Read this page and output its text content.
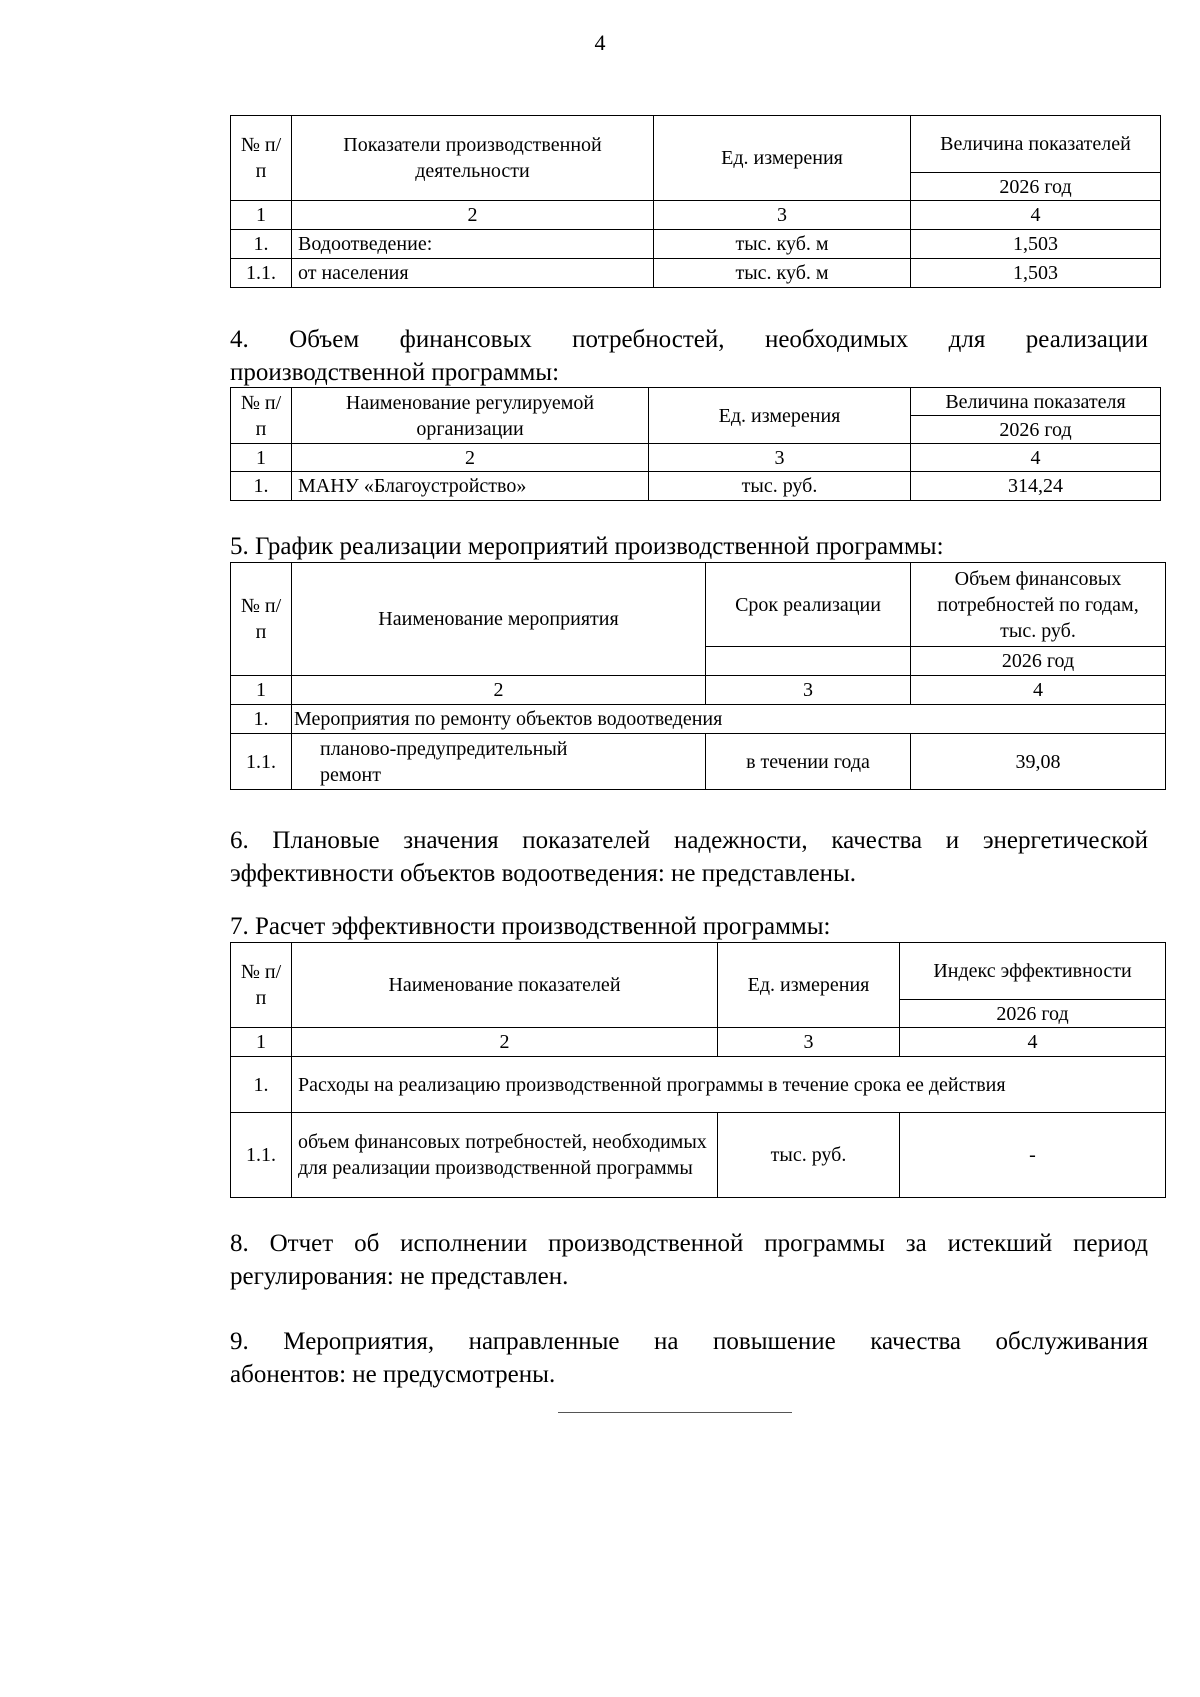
4
№ п/п	Показатели производственной деятельности	Ед. измерения	Величина показателей
			2026 год
1	2	3	4
1.	Водоотведение:	тыс. куб. м	1,503
1.1.	от населения	тыс. куб. м	1,503

4. Объем финансовых потребностей, необходимых для реализации

производственной программы:

№ п/п	Наименование регулируемой организации	Ед. измерения	Величина показателя
			2026 год
1	2	3	4
1.	МАНУ «Благоустройство»	тыс. руб.	314,24

5. График реализации мероприятий производственной программы:

№ п/п	Наименование мероприятия	Срок реализации	Объем финансовых потребностей по годам, тыс. руб.
			2026 год
1	2	3	4
1.	Мероприятия по ремонту объектов водоотведения		
1.1.	планово-предупредительный ремонт	в течении года	39,08

6. Плановые значения показателей надежности, качества и энергетической

эффективности объектов водоотведения: не представлены.

7. Расчет эффективности производственной программы:

№ п/п	Наименование показателей	Ед. измерения	Индекс эффективности
			2026 год
1	2	3	4
1.	Расходы на реализацию производственной программы в течение срока ее действия		
1.1.	объем финансовых потребностей, необходимых для реализации производственной программы	тыс. руб.	-

8. Отчет об исполнении производственной программы за истекший период

регулирования: не представлен.

9. Мероприятия, направленные на повышение качества обслуживания

абонентов: не предусмотрены.
